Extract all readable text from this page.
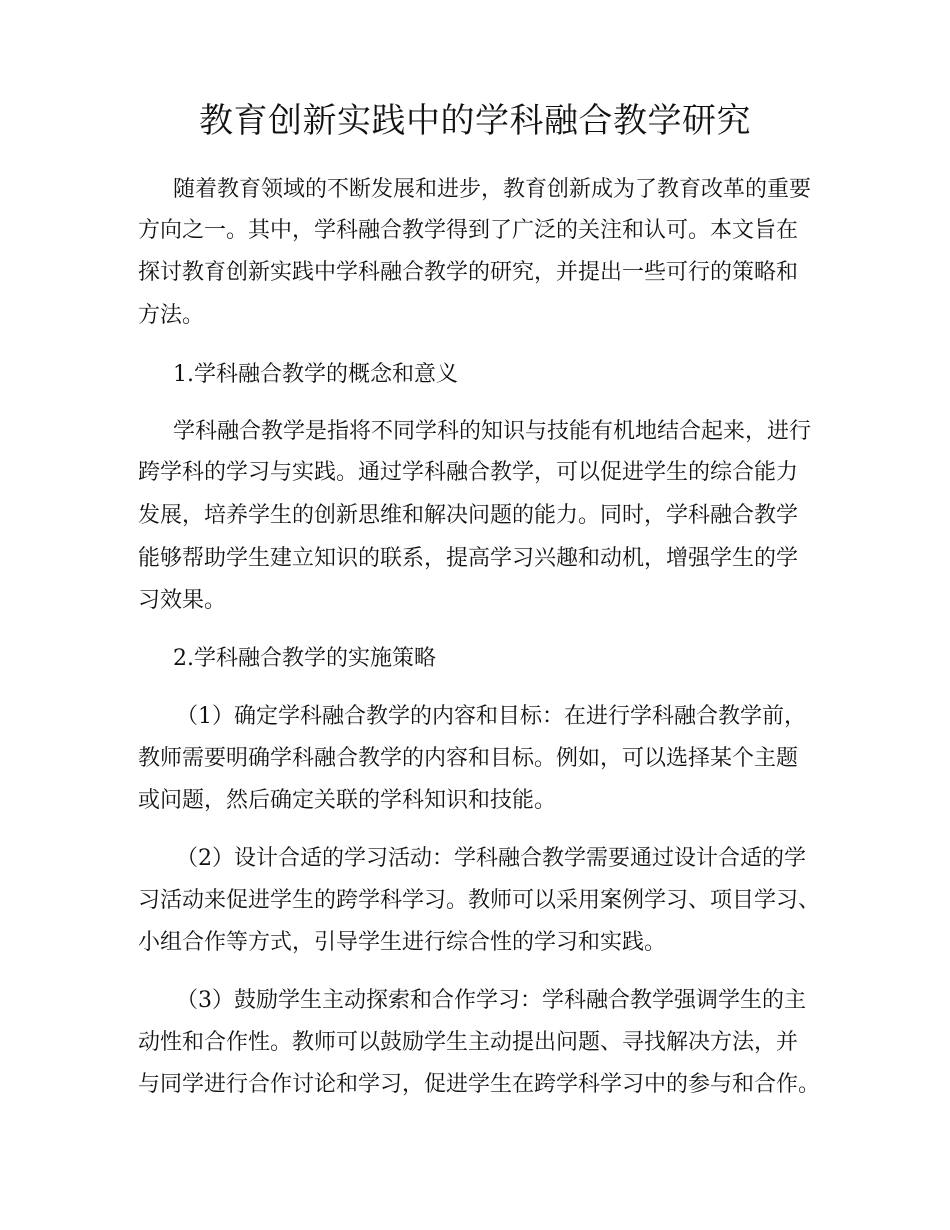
教育创新实践中的学科融合教学研究

随着教育领域的不断发展和进步，教育创新成为了教育改革的重要

方向之一。其中，学科融合教学得到了广泛的关注和认可。本文旨在

探讨教育创新实践中学科融合教学的研究，并提出一些可行的策略和

方法。

1.学科融合教学的概念和意义

学科融合教学是指将不同学科的知识与技能有机地结合起来，进行

跨学科的学习与实践。通过学科融合教学，可以促进学生的综合能力

发展，培养学生的创新思维和解决问题的能力。同时，学科融合教学

能够帮助学生建立知识的联系，提高学习兴趣和动机，增强学生的学

习效果。

2.学科融合教学的实施策略

（1）确定学科融合教学的内容和目标：在进行学科融合教学前，

教师需要明确学科融合教学的内容和目标。例如，可以选择某个主题

或问题，然后确定关联的学科知识和技能。

（2）设计合适的学习活动：学科融合教学需要通过设计合适的学

习活动来促进学生的跨学科学习。教师可以采用案例学习、项目学习、

小组合作等方式，引导学生进行综合性的学习和实践。

（3）鼓励学生主动探索和合作学习：学科融合教学强调学生的主

动性和合作性。教师可以鼓励学生主动提出问题、寻找解决方法，并

与同学进行合作讨论和学习，促进学生在跨学科学习中的参与和合作。
